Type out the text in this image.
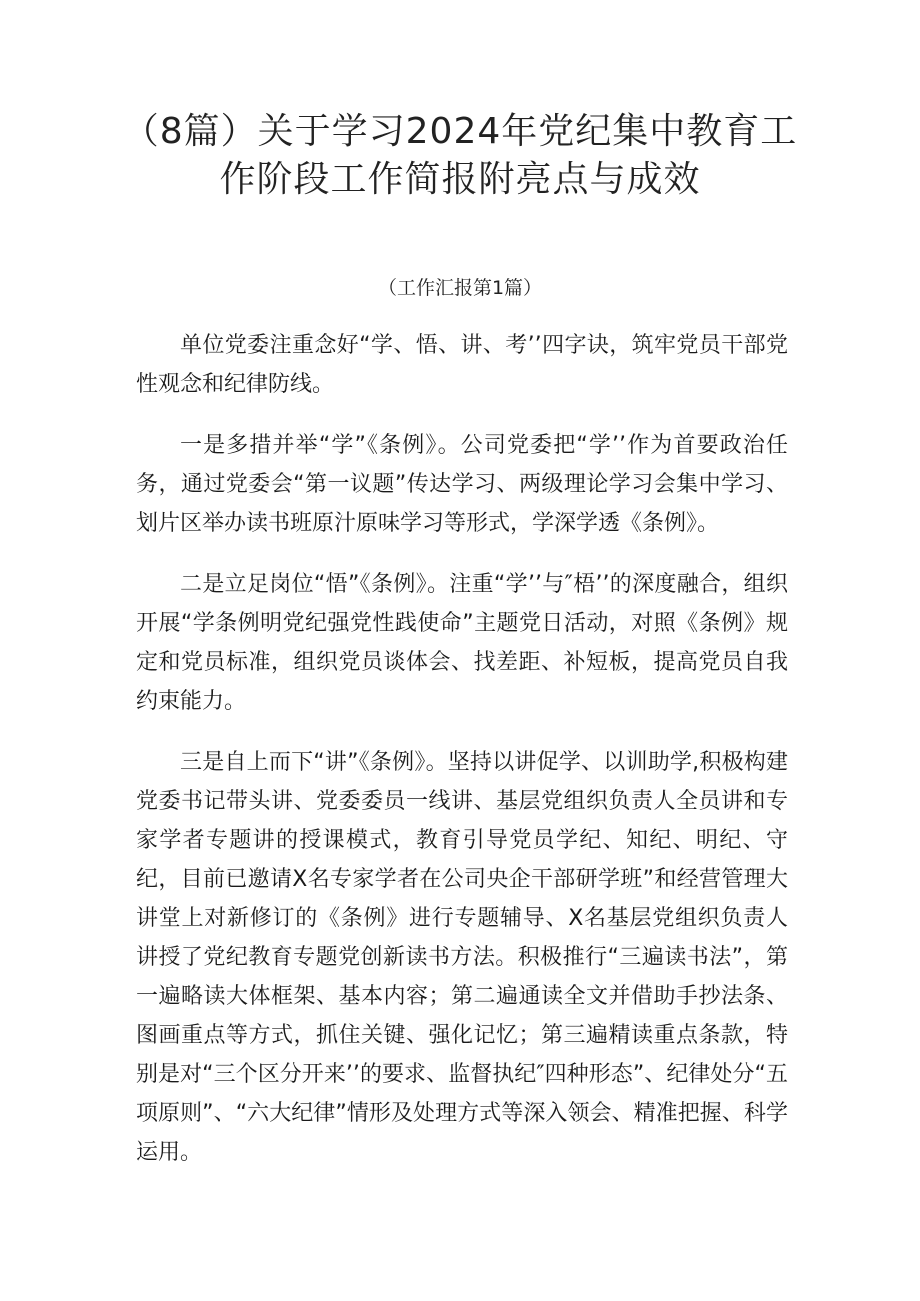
（8篇）关于学习2024年党纪集中教育工
作阶段工作简报附亮点与成效
（工作汇报第1篇）

单位党委注重念好“学、悟、讲、考’’四字诀，筑牢党员干部党性观念和纪律防线。

一是多措并举“学”《条例》。公司党委把“学’’作为首要政治任务，通过党委会“第一议题”传达学习、两级理论学习会集中学习、划片区举办读书班原汁原味学习等形式，学深学透《条例》。

二是立足岗位“悟”《条例》。注重“学’’与″梧’’的深度融合，组织开展“学条例明党纪强党性践使命”主题党日活动，对照《条例》规定和党员标准，组织党员谈体会、找差距、补短板，提高党员自我约束能力。

三是自上而下“讲”《条例》。坚持以讲促学、以训助学,积极构建党委书记带头讲、党委委员一线讲、基层党组织负责人全员讲和专家学者专题讲的授课模式，教育引导党员学纪、知纪、明纪、守纪，目前已邀请X名专家学者在公司央企干部研学班”和经营管理大讲堂上对新修订的《条例》进行专题辅导、X名基层党组织负责人讲授了党纪教育专题党创新读书方法。积极推行“三遍读书法”，第一遍略读大体框架、基本内容；第二遍通读全文并借助手抄法条、图画重点等方式，抓住关键、强化记忆；第三遍精读重点条款，特别是对“三个区分开来’’的要求、监督执纪″四种形态”、纪律处分“五项原则”、“六大纪律”情形及处理方式等深入领会、精准把握、科学运用。
